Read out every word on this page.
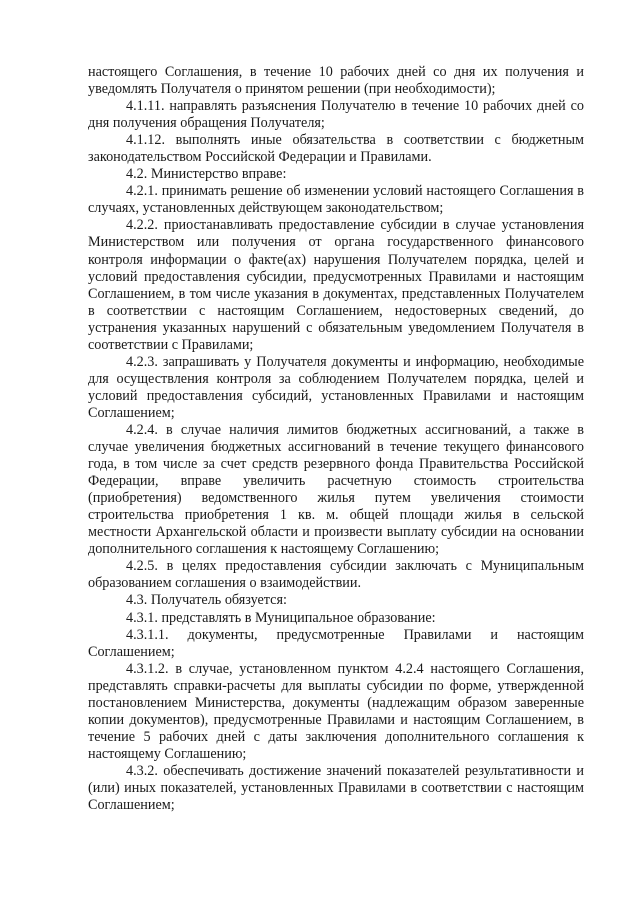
настоящего Соглашения, в течение 10 рабочих дней со дня их получения и уведомлять Получателя о принятом решении (при необходимости);

4.1.11. направлять разъяснения Получателю в течение 10 рабочих дней со дня получения обращения Получателя;

4.1.12. выполнять иные обязательства в соответствии с бюджетным законодательством Российской Федерации и Правилами.

4.2. Министерство вправе:

4.2.1. принимать решение об изменении условий настоящего Соглашения в случаях, установленных действующем законодательством;

4.2.2. приостанавливать предоставление субсидии в случае установления Министерством или получения от органа государственного финансового контроля информации о факте(ах) нарушения Получателем порядка, целей и условий предоставления субсидии, предусмотренных Правилами и настоящим Соглашением, в том числе указания в документах, представленных Получателем в соответствии с настоящим Соглашением, недостоверных сведений, до устранения указанных нарушений с обязательным уведомлением Получателя в соответствии с Правилами;

4.2.3. запрашивать у Получателя документы и информацию, необходимые для осуществления контроля за соблюдением Получателем порядка, целей и условий предоставления субсидий, установленных Правилами и настоящим Соглашением;

4.2.4. в случае наличия лимитов бюджетных ассигнований, а также в случае увеличения бюджетных ассигнований в течение текущего финансового года, в том числе за счет средств резервного фонда Правительства Российской Федерации, вправе увеличить расчетную стоимость строительства (приобретения) ведомственного жилья путем увеличения стоимости строительства приобретения 1 кв. м. общей площади жилья в сельской местности Архангельской области и произвести выплату субсидии на основании дополнительного соглашения к настоящему Соглашению;

4.2.5. в целях предоставления субсидии заключать с Муниципальным образованием соглашения о взаимодействии.

4.3. Получатель обязуется:

4.3.1. представлять в Муниципальное образование:

4.3.1.1. документы, предусмотренные Правилами и настоящим Соглашением;

4.3.1.2. в случае, установленном пунктом 4.2.4 настоящего Соглашения, представлять справки-расчеты для выплаты субсидии по форме, утвержденной постановлением Министерства, документы (надлежащим образом заверенные копии документов), предусмотренные Правилами и настоящим Соглашением, в течение 5 рабочих дней с даты заключения дополнительного соглашения к настоящему Соглашению;

4.3.2. обеспечивать достижение значений показателей результативности и (или) иных показателей, установленных Правилами в соответствии с настоящим Соглашением;
